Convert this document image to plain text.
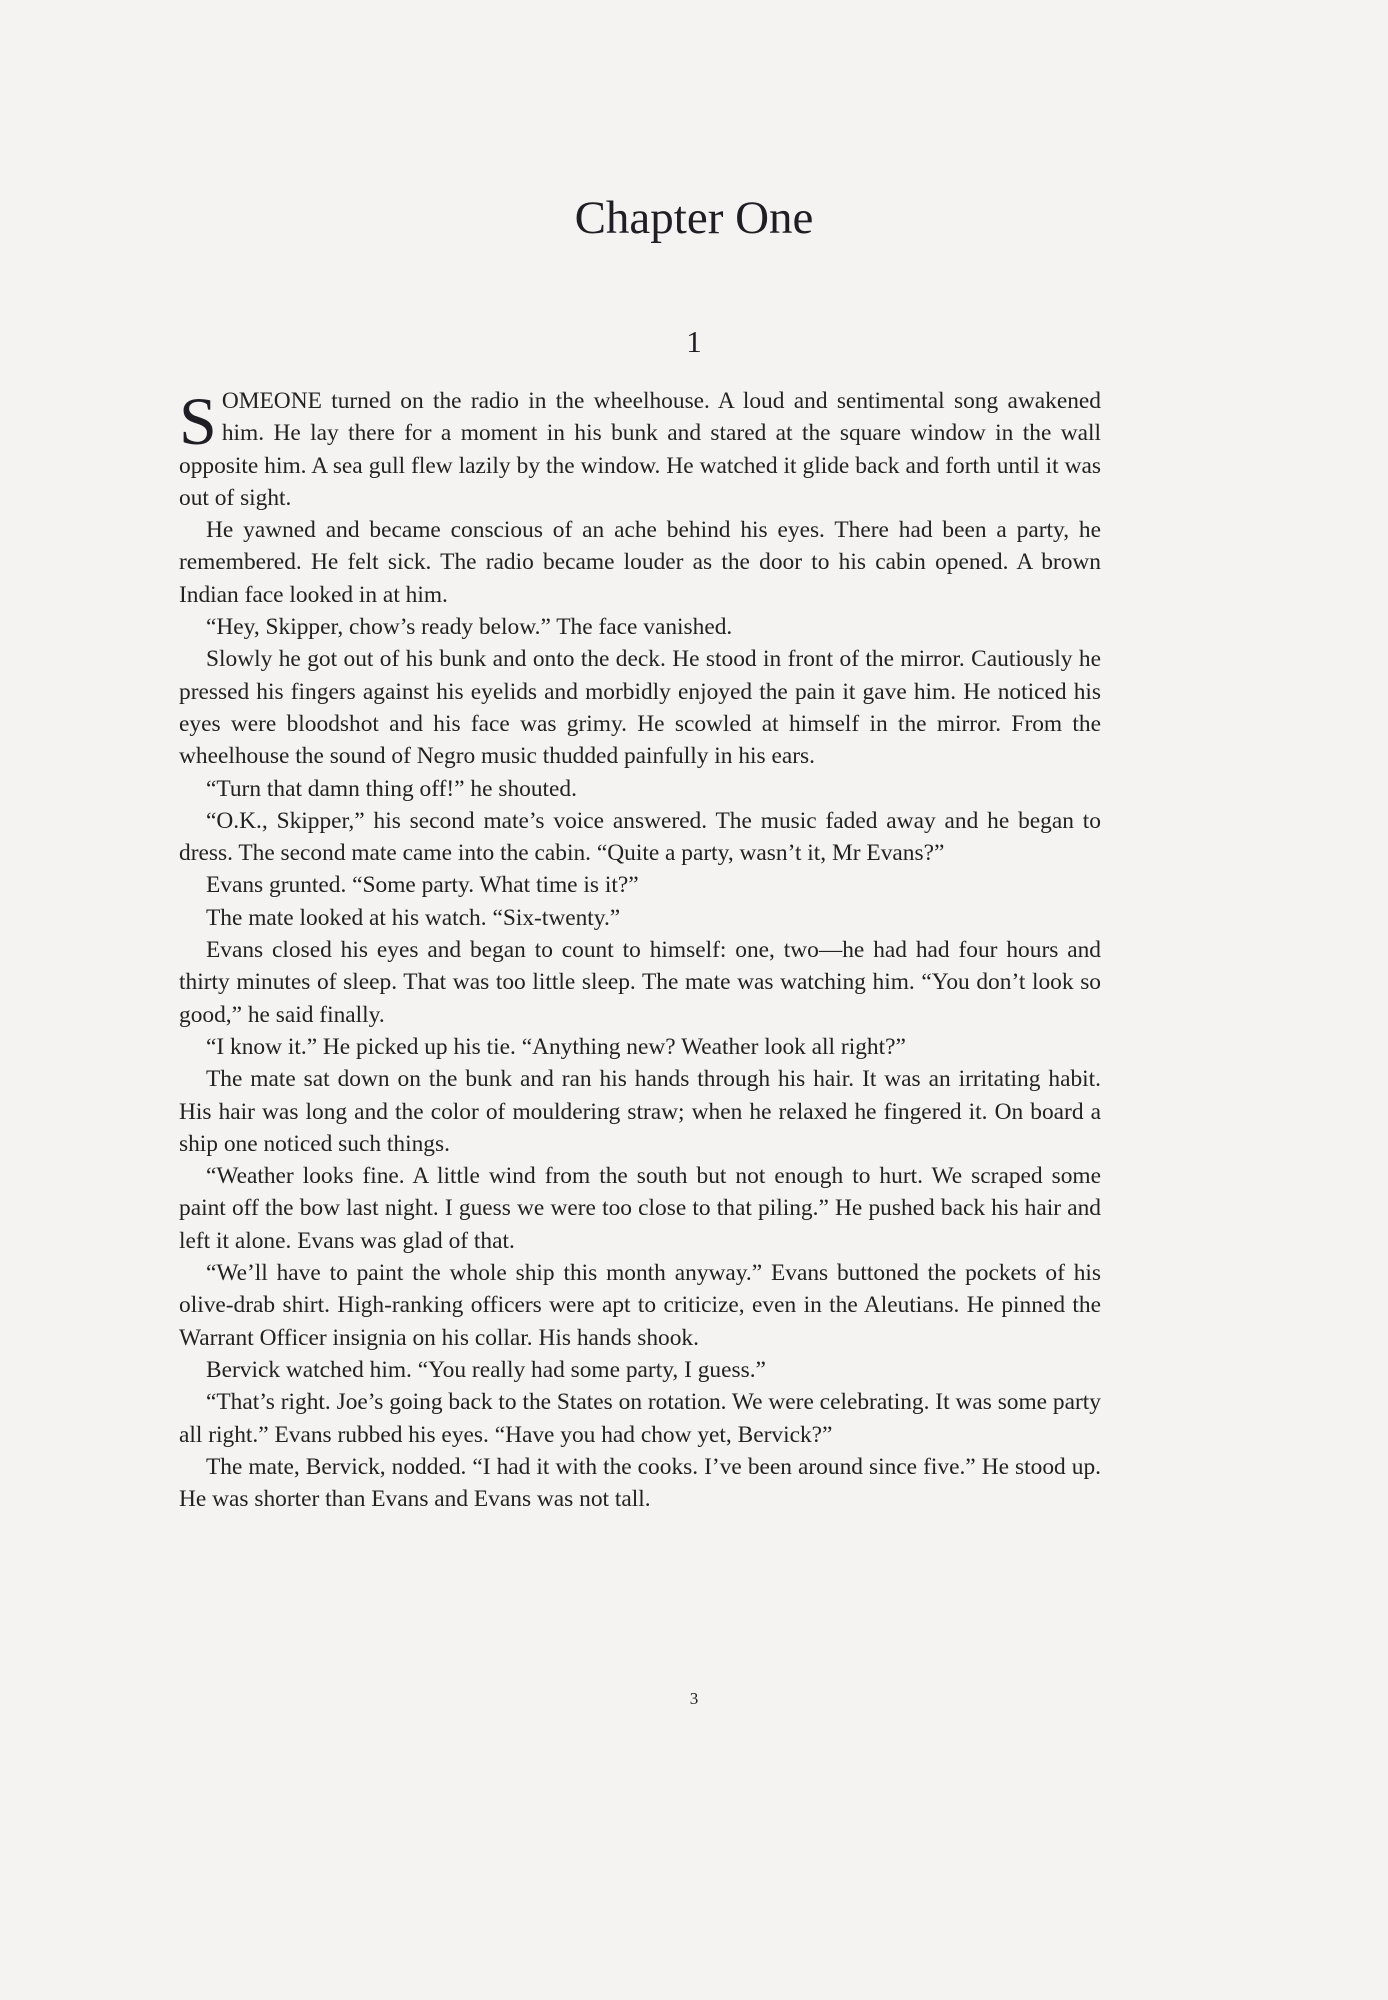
Chapter One
1

SOMEONE turned on the radio in the wheelhouse. A loud and sentimental song awakened him. He lay there for a moment in his bunk and stared at the square window in the wall opposite him. A sea gull flew lazily by the window. He watched it glide back and forth until it was out of sight.

He yawned and became conscious of an ache behind his eyes. There had been a party, he remembered. He felt sick. The radio became louder as the door to his cabin opened. A brown Indian face looked in at him.

“Hey, Skipper, chow’s ready below.” The face vanished.

Slowly he got out of his bunk and onto the deck. He stood in front of the mirror. Cautiously he pressed his fingers against his eyelids and morbidly enjoyed the pain it gave him. He noticed his eyes were bloodshot and his face was grimy. He scowled at himself in the mirror. From the wheelhouse the sound of Negro music thudded painfully in his ears.

“Turn that damn thing off!” he shouted.

“O.K., Skipper,” his second mate’s voice answered. The music faded away and he began to dress. The second mate came into the cabin. “Quite a party, wasn’t it, Mr Evans?”

Evans grunted. “Some party. What time is it?”

The mate looked at his watch. “Six-twenty.”

Evans closed his eyes and began to count to himself: one, two—he had had four hours and thirty minutes of sleep. That was too little sleep. The mate was watching him. “You don’t look so good,” he said finally.

“I know it.” He picked up his tie. “Anything new? Weather look all right?”

The mate sat down on the bunk and ran his hands through his hair. It was an irritating habit. His hair was long and the color of mouldering straw; when he relaxed he fingered it. On board a ship one noticed such things.

“Weather looks fine. A little wind from the south but not enough to hurt. We scraped some paint off the bow last night. I guess we were too close to that piling.” He pushed back his hair and left it alone. Evans was glad of that.

“We’ll have to paint the whole ship this month anyway.” Evans buttoned the pockets of his olive-drab shirt. High-ranking officers were apt to criticize, even in the Aleutians. He pinned the Warrant Officer insignia on his collar. His hands shook.

Bervick watched him. “You really had some party, I guess.”

“That’s right. Joe’s going back to the States on rotation. We were celebrating. It was some party all right.” Evans rubbed his eyes. “Have you had chow yet, Bervick?”

The mate, Bervick, nodded. “I had it with the cooks. I’ve been around since five.” He stood up. He was shorter than Evans and Evans was not tall.

3
